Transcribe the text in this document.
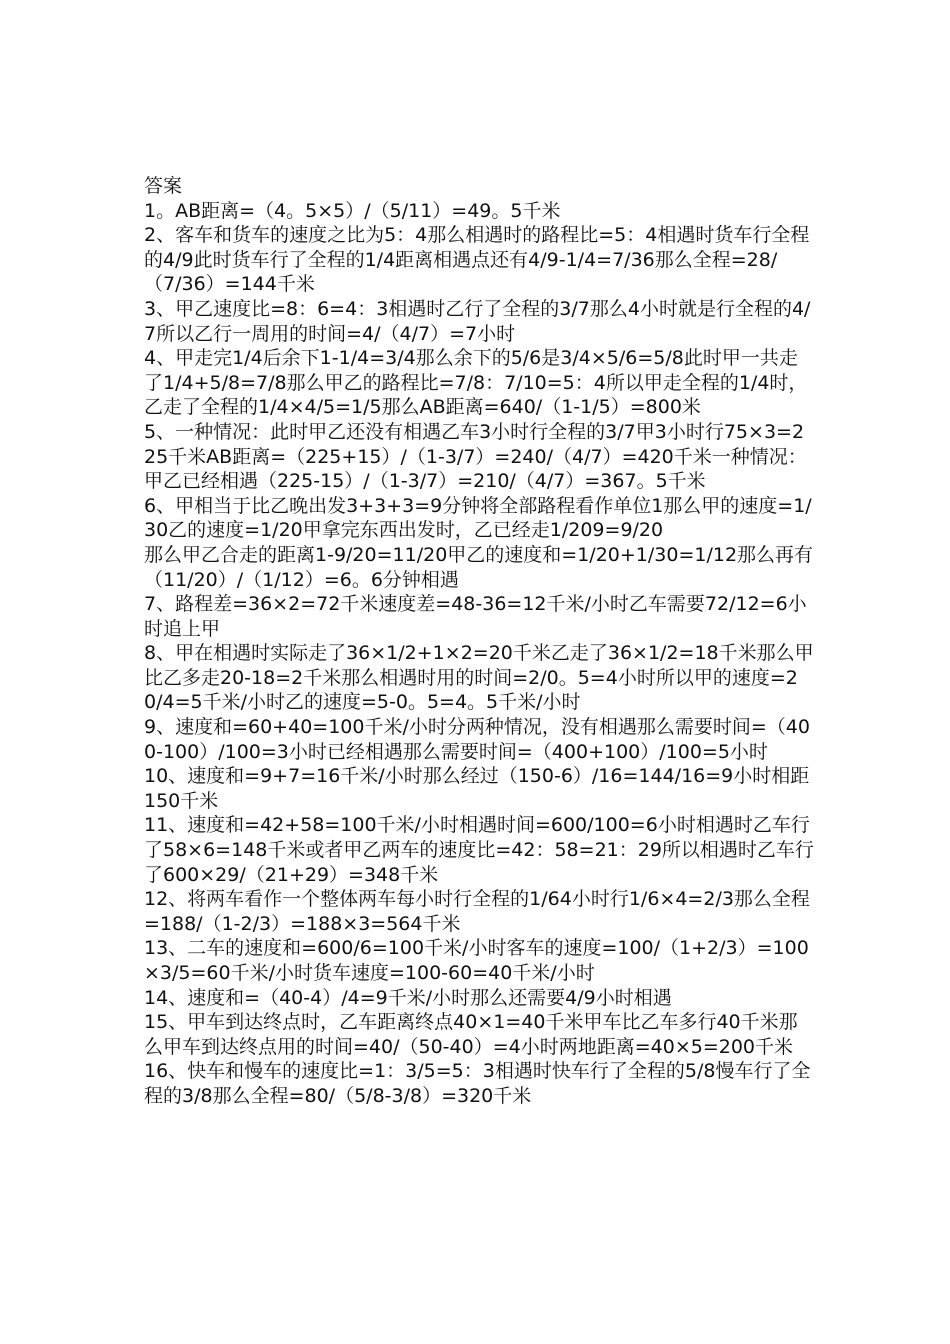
答案

1。AB距离=（4。5×5）/（5/11）=49。5千米

2、客车和货车的速度之比为5：4那么相遇时的路程比=5：4相遇时货车行全程的4/9此时货车行了全程的1/4距离相遇点还有4/9-1/4=7/36那么全程=28/（7/36）=144千米

3、甲乙速度比=8：6=4：3相遇时乙行了全程的3/7那么4小时就是行全程的4/7所以乙行一周用的时间=4/（4/7）=7小时

4、甲走完1/4后余下1-1/4=3/4那么余下的5/6是3/4×5/6=5/8此时甲一共走了1/4+5/8=7/8那么甲乙的路程比=7/8：7/10=5：4所以甲走全程的1/4时，乙走了全程的1/4×4/5=1/5那么AB距离=640/（1-1/5）=800米

5、一种情况：此时甲乙还没有相遇乙车3小时行全程的3/7甲3小时行75×3=225千米AB距离=（225+15）/（1-3/7）=240/（4/7）=420千米一种情况：甲乙已经相遇（225-15）/（1-3/7）=210/（4/7）=367。5千米

6、甲相当于比乙晚出发3+3+3=9分钟将全部路程看作单位1那么甲的速度=1/30乙的速度=1/20甲拿完东西出发时，乙已经走1/209=9/20

那么甲乙合走的距离1-9/20=11/20甲乙的速度和=1/20+1/30=1/12那么再有（11/20）/（1/12）=6。6分钟相遇

7、路程差=36×2=72千米速度差=48-36=12千米/小时乙车需要72/12=6小时追上甲

8、甲在相遇时实际走了36×1/2+1×2=20千米乙走了36×1/2=18千米那么甲比乙多走20-18=2千米那么相遇时用的时间=2/0。5=4小时所以甲的速度=20/4=5千米/小时乙的速度=5-0。5=4。5千米/小时

9、速度和=60+40=100千米/小时分两种情况，没有相遇那么需要时间=（400-100）/100=3小时已经相遇那么需要时间=（400+100）/100=5小时

10、速度和=9+7=16千米/小时那么经过（150-6）/16=144/16=9小时相距150千米

11、速度和=42+58=100千米/小时相遇时间=600/100=6小时相遇时乙车行了58×6=148千米或者甲乙两车的速度比=42：58=21：29所以相遇时乙车行了600×29/（21+29）=348千米

12、将两车看作一个整体两车每小时行全程的1/64小时行1/6×4=2/3那么全程=188/（1-2/3）=188×3=564千米

13、二车的速度和=600/6=100千米/小时客车的速度=100/（1+2/3）=100×3/5=60千米/小时货车速度=100-60=40千米/小时

14、速度和=（40-4）/4=9千米/小时那么还需要4/9小时相遇

15、甲车到达终点时，乙车距离终点40×1=40千米甲车比乙车多行40千米那么甲车到达终点用的时间=40/（50-40）=4小时两地距离=40×5=200千米

16、快车和慢车的速度比=1：3/5=5：3相遇时快车行了全程的5/8慢车行了全程的3/8那么全程=80/（5/8-3/8）=320千米
